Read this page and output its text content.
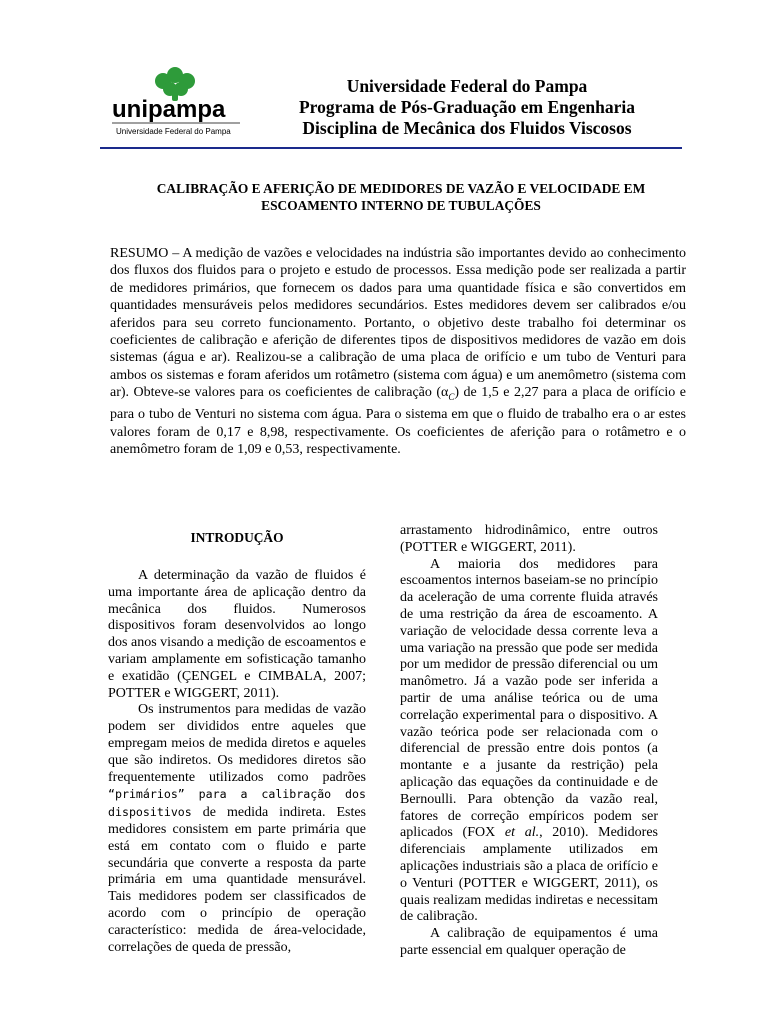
unipampa
Universidade Federal do Pampa
Universidade Federal do Pampa
Programa de Pós-Graduação em Engenharia
Disciplina de Mecânica dos Fluidos Viscosos
CALIBRAÇÃO E AFERIÇÃO DE MEDIDORES DE VAZÃO E VELOCIDADE EM
ESCOAMENTO INTERNO DE TUBULAÇÕES
RESUMO – A medição de vazões e velocidades na indústria são importantes devido ao conhecimento dos fluxos dos fluidos para o projeto e estudo de processos. Essa medição pode ser realizada a partir de medidores primários, que fornecem os dados para uma quantidade física e são convertidos em quantidades mensuráveis pelos medidores secundários. Estes medidores devem ser calibrados e/ou aferidos para seu correto funcionamento. Portanto, o objetivo deste trabalho foi determinar os coeficientes de calibração e aferição de diferentes tipos de dispositivos medidores de vazão em dois sistemas (água e ar). Realizou-se a calibração de uma placa de orifício e um tubo de Venturi para ambos os sistemas e foram aferidos um rotâmetro (sistema com água) e um anemômetro (sistema com ar). Obteve-se valores para os coeficientes de calibração $(\alpha_C)$ de 1,5 e 2,27 para a placa de orifício e para o tubo de Venturi no sistema com água. Para o sistema em que o fluido de trabalho era o ar estes valores foram de 0,17 e 8,98, respectivamente. Os coeficientes de aferição para o rotâmetro e o anemômetro foram de 1,09 e 0,53, respectivamente.
INTRODUÇÃO

A determinação da vazão de fluidos é uma importante área de aplicação dentro da mecânica dos fluidos. Numerosos dispositivos foram desenvolvidos ao longo dos anos visando a medição de escoamentos e variam amplamente em sofisticação tamanho e exatidão (ÇENGEL e CIMBALA, 2007; POTTER e WIGGERT, 2011).

Os instrumentos para medidas de vazão podem ser divididos entre aqueles que empregam meios de medida diretos e aqueles que são indiretos. Os medidores diretos são frequentemente utilizados como padrões “primários” para a calibração dos dispositivos de medida indireta. Estes medidores consistem em parte primária que está em contato com o fluido e parte secundária que converte a resposta da parte primária em uma quantidade mensurável. Tais medidores podem ser classificados de acordo com o princípio de operação característico: medida de área-velocidade, correlações de queda de pressão,

arrastamento hidrodinâmico, entre outros (POTTER e WIGGERT, 2011).

A maioria dos medidores para escoamentos internos baseiam-se no princípio da aceleração de uma corrente fluida através de uma restrição da área de escoamento. A variação de velocidade dessa corrente leva a uma variação na pressão que pode ser medida por um medidor de pressão diferencial ou um manômetro. Já a vazão pode ser inferida a partir de uma análise teórica ou de uma correlação experimental para o dispositivo. A vazão teórica pode ser relacionada com o diferencial de pressão entre dois pontos (a montante e a jusante da restrição) pela aplicação das equações da continuidade e de Bernoulli. Para obtenção da vazão real, fatores de correção empíricos podem ser aplicados (FOX et al., 2010). Medidores diferenciais amplamente utilizados em aplicações industriais são a placa de orifício e o Venturi (POTTER e WIGGERT, 2011), os quais realizam medidas indiretas e necessitam de calibração.

A calibração de equipamentos é uma parte essencial em qualquer operação de
